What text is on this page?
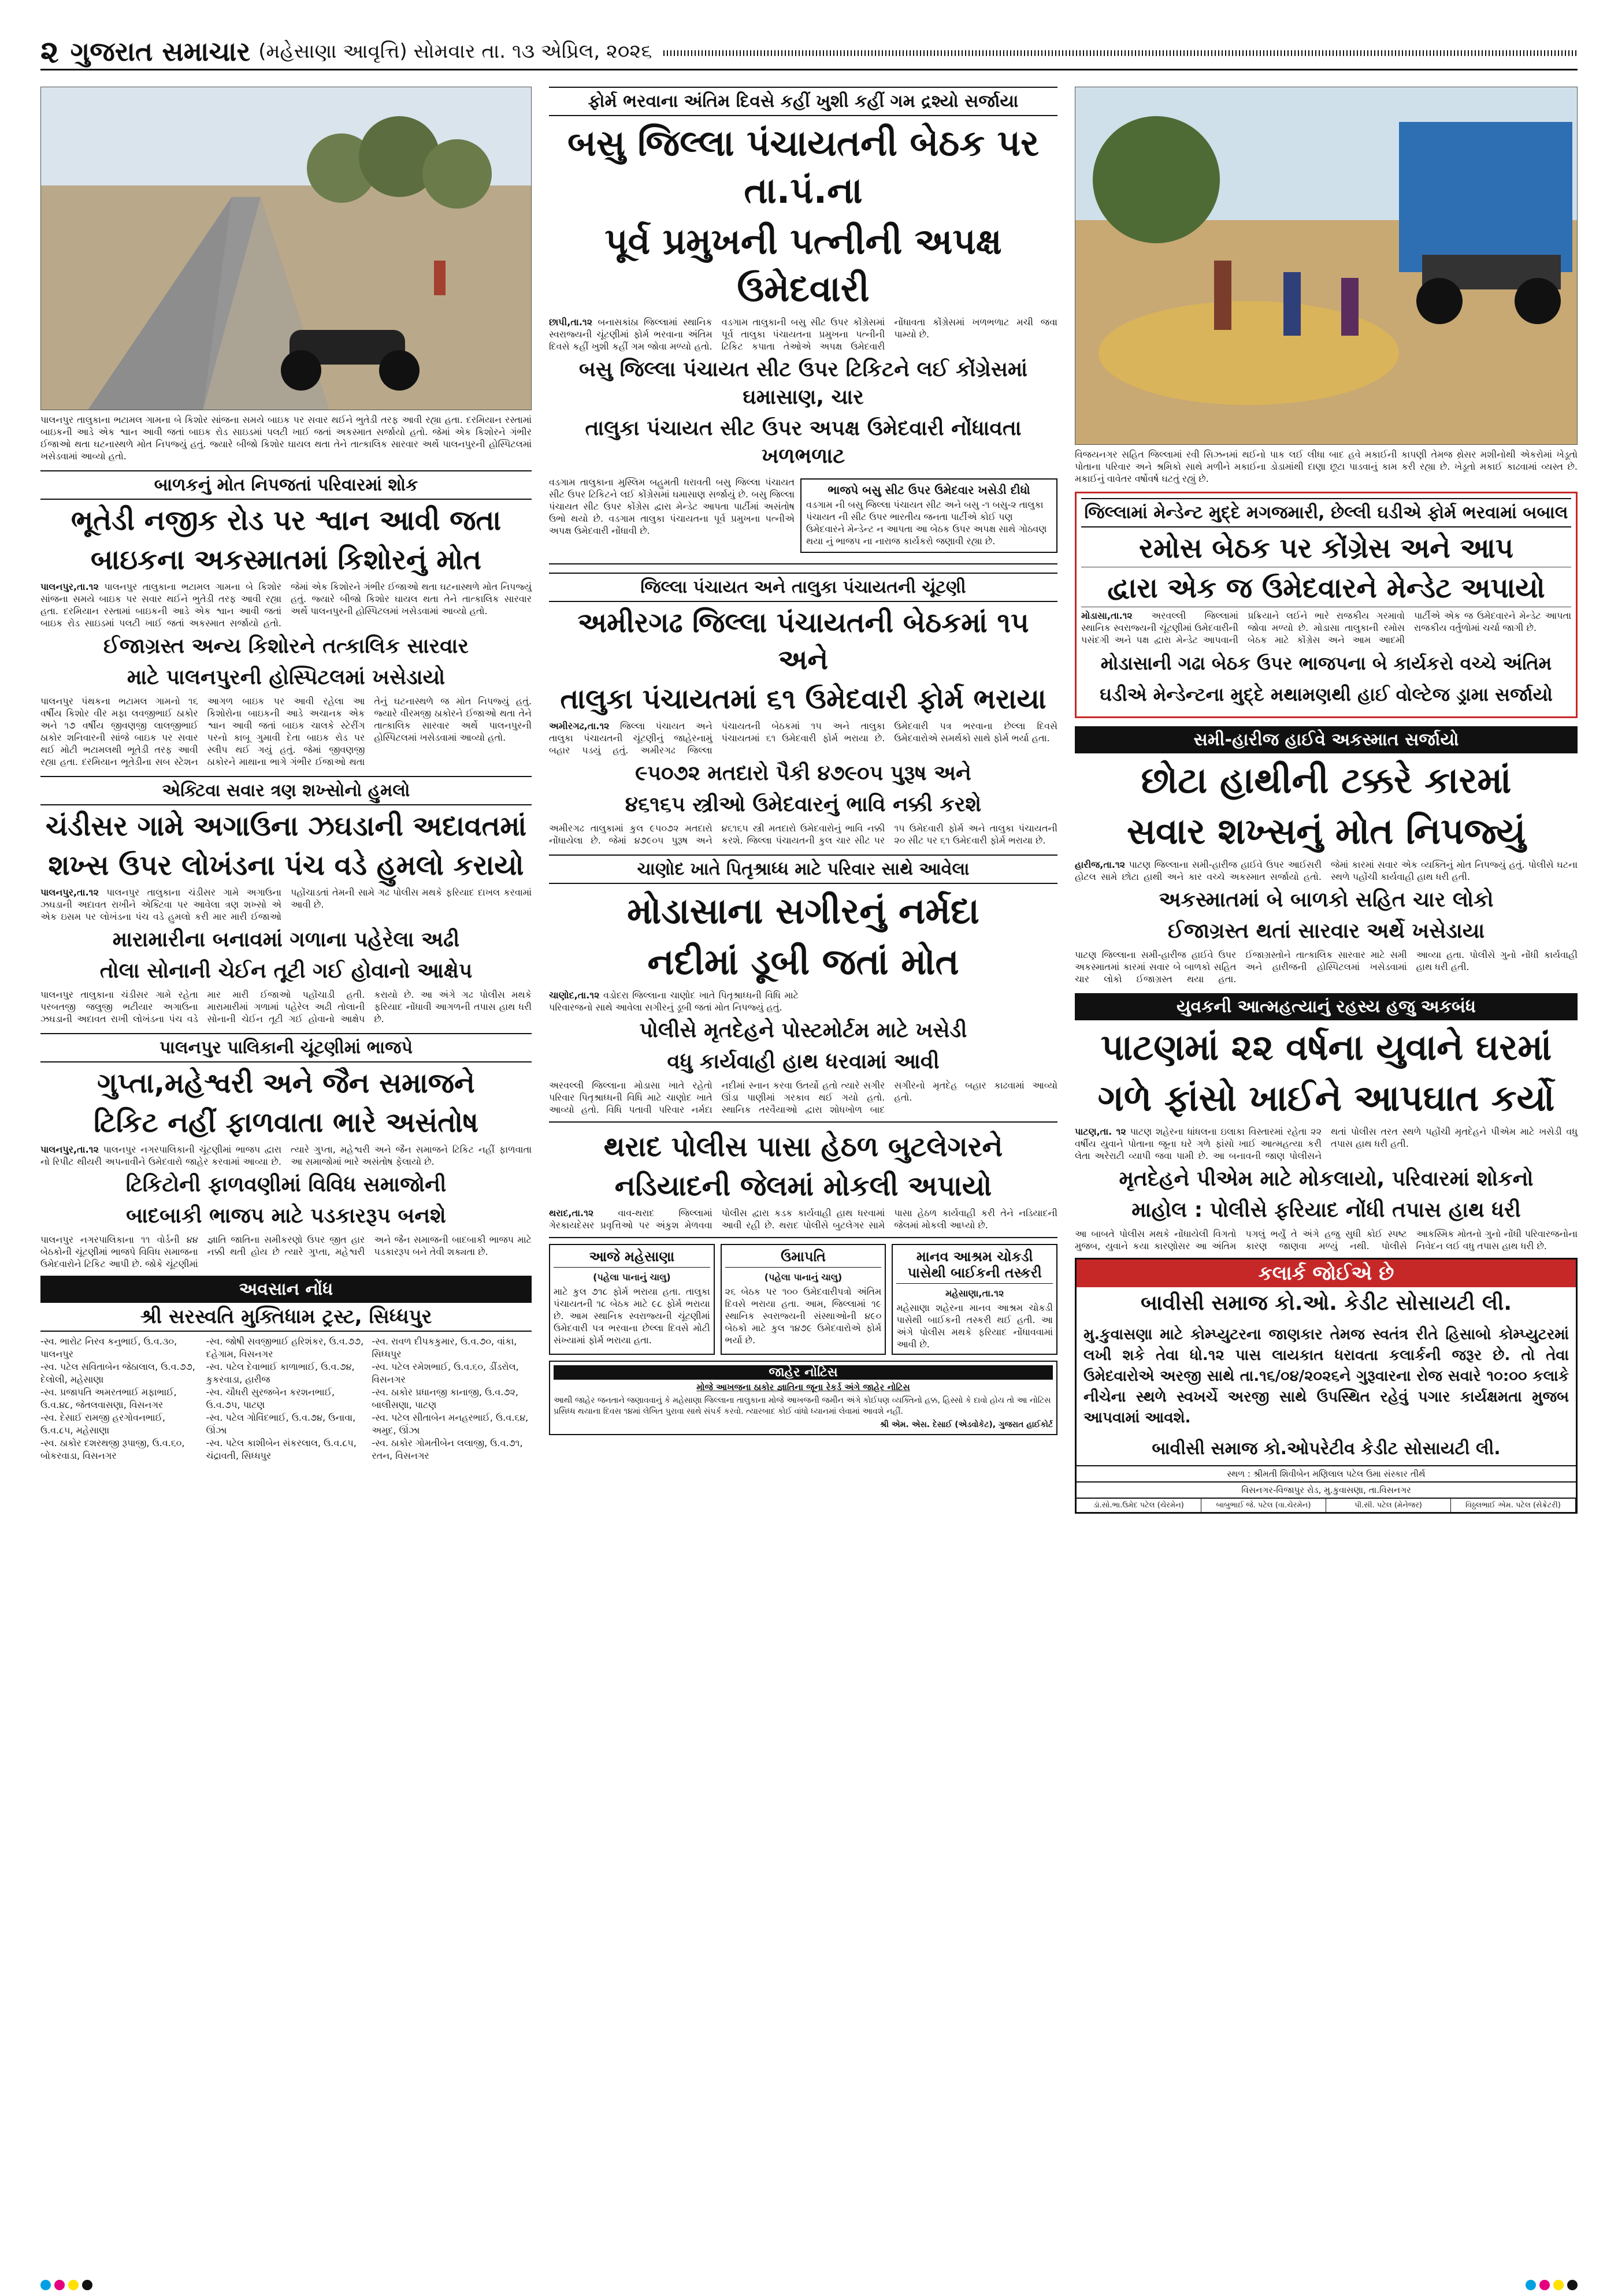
૨ ગુજરાત સમાચાર (મહેસાણા આવૃત્તિ) સોમવાર તા. ૧૩ એપ્રિલ, ૨૦૨૬

પાલનપુર તાલુકાના ભટામલ ગામના બે કિશોર સાંજના સમયે બાઇક પર સવાર થઈને ભુતેડી તરફ આવી રહ્યા હતા. દરમિયાન રસ્તામાં બાઇકની આડે એક શ્વાન આવી જતાં બાઇક રોડ સાઇડમાં પલટી ખાઈ જતાં અકસ્માત સર્જાયો હતો. જેમાં એક કિશોરને ગંભીર ઈજાઓ થતા ઘટનાસ્થળે મોત નિપજ્યું હતું. જ્યારે બીજો કિશોર ઘાયલ થતા તેને તાત્કાલિક સારવાર અર્થે પાલનપુરની હોસ્પિટલમાં ખસેડવામાં આવ્યો હતો.

બાળકનું મોત નિપજતાં પરિવારમાં શોક
ભૂતેડી નજીક રોડ પર શ્વાન આવી જતા
બાઇકના અકસ્માતમાં કિશોરનું મોત
પાલનપુર,તા.૧૨ પાલનપુર તાલુકાના ભટામલ ગામના બે કિશોર સાંજના સમયે બાઇક પર સવાર થઈને ભુતેડી તરફ આવી રહ્યા હતા. દરમિયાન રસ્તામાં બાઇકની આડે એક શ્વાન આવી જતાં બાઇક રોડ સાઇડમાં પલટી ખાઈ જતાં અકસ્માત સર્જાયો હતો. જેમાં એક કિશોરને ગંભીર ઈજાઓ થતા ઘટનાસ્થળે મોત નિપજ્યું હતું. જ્યારે બીજો કિશોર ઘાયલ થતા તેને તાત્કાલિક સારવાર અર્થે પાલનપુરની હોસ્પિટલમાં ખસેડવામાં આવ્યો હતો.
ઈજાગ્રસ્ત અન્ય કિશોરને તત્કાલિક સારવાર
માટે પાલનપુરની હોસ્પિટલમાં ખસેડાયો
પાલનપુર પંથકના ભટામલ ગામનો ૧૬ વર્ષીય કિશોર વીર મફા લવજીભાઈ ઠાકોર અને ૧૭ વર્ષીય જીવણજી લાલજીભાઈ ઠાકોર શનિવારની સાંજે બાઇક પર સવાર થઈ મોટી ભટામલથી ભૂતેડી તરફ આવી રહ્યા હતા. દરમિયાન ભૂતેડીના સબ સ્ટેશન આગળ બાઇક પર આવી રહેલા આ કિશોરોના બાઇકની આડે અચાનક એક શ્વાન આવી જતાં બાઇક ચાલકે સ્ટેરીંગ પરનો કાબૂ ગુમાવી દેતા બાઇક રોડ પર સ્લીપ થઈ ગયું હતું. જેમાં જીવણજી ઠાકોરને માથાના ભાગે ગંભીર ઈજાઓ થતા તેનું ઘટનાસ્થળે જ મોત નિપજ્યું હતું. જ્યારે વીરમજી ઠાકોરને ઈજાઓ થતા તેને તાત્કાલિક સારવાર અર્થે પાલનપુરની હોસ્પિટલમાં ખસેડવામાં આવ્યો હતો.
એક્ટિવા સવાર ત્રણ શખ્સોનો હુમલો
ચંડીસર ગામે અગાઉના ઝઘડાની અદાવતમાં
શખ્સ ઉપર લોખંડના પંચ વડે હુમલો કરાયો
પાલનપુર,તા.૧૨ પાલનપુર તાલુકાના ચંડીસર ગામે અગાઉના ઝઘડાની અદાવત રાખીને એક્ટિવા પર આવેલા ત્રણ શખ્સો એ એક ઇસમ પર લોખંડના પંચ વડે હુમલો કરી માર મારી ઈજાઓ પહોંચાડતાં તેમની સામે ગઢ પોલીસ મથકે ફરિયાદ દાખલ કરવામાં આવી છે.
મારામારીના બનાવમાં ગળાના પહેરેલા અઢી
તોલા સોનાની ચેઈન તૂટી ગઈ હોવાનો આક્ષેપ
પાલનપુર તાલુકાના ચંડીસર ગામે રહેતા પરબતજી જલુજી ભટીયાર અગાઉના ઝઘડાની અદાવત રાખી લોખંડના પંચ વડે માર મારી ઈજાઓ પહોંચાડી હતી. મારામારીમાં ગળામાં પહેરેલ અઢી તોલાની સોનાની ચેઈન તૂટી ગઈ હોવાનો આક્ષેપ કરાયો છે. આ અંગે ગઢ પોલીસ મથકે ફરિયાદ નોંધાવી આગળની તપાસ હાથ ધરી છે.
પાલનપુર પાલિકાની ચૂંટણીમાં ભાજપે
ગુપ્તા,મહેશ્વરી અને જૈન સમાજને
ટિકિટ નહીં ફાળવાતા ભારે અસંતોષ
પાલનપુર,તા.૧૨ પાલનપુર નગરપાલિકાની ચૂંટણીમાં ભાજપ દ્વારા નો રિપીટ થીયરી અપનાવીને ઉમેદવારો જાહેર કરવામાં આવ્યા છે. ત્યારે ગુપ્તા, મહેશ્વરી અને જૈન સમાજને ટિકિટ નહીં ફાળવાતા આ સમાજોમાં ભારે અસંતોષ ફેલાયો છે.
ટિકિટોની ફાળવણીમાં વિવિધ સમાજોની
બાદબાકી ભાજપ માટે પડકારરૂપ બનશે
પાલનપુર નગરપાલિકાના ૧૧ વોર્ડની ૪૪ બેઠકોની ચૂંટણીમાં ભાજપે વિવિધ સમાજના ઉમેદવારોને ટિકિટ આપી છે. જોકે ચૂંટણીમાં જ્ઞાતિ જાતિના સમીકરણો ઉપર જીત હાર નક્કી થતી હોય છે ત્યારે ગુપ્તા, મહેશ્વરી અને જૈન સમાજની બાદબાકી ભાજપ માટે પડકારરૂપ બને તેવી શક્યતા છે.
અવસાન નોંધ
શ્રી સરસ્વતિ મુક્તિધામ ટ્રસ્ટ, સિધ્ધપુર
-સ્વ. ભારોટ નિરવ કનુભાઈ, ઉ.વ.૩૦, પાલનપુર
-સ્વ. પટેલ સવિતાબેન જેઠાલાલ, ઉ.વ.૭૭, દેલોલી, મહેસાણા
-સ્વ. પ્રજાપતિ અમરતભાઈ મફાભાઈ, ઉ.વ.૪૮, જેતલવાસણા, વિસનગર
-સ્વ. દેસાઈ રામજી હરગોવનભાઈ, ઉ.વ.૮૫, મહેસાણા
-સ્વ. ઠાકોર દશરથજી રૂપાજી, ઉ.વ.૬૦, બોકરવાડા, વિસનગર
-સ્વ. જોષી સવજીભાઈ હરિશંકર, ઉ.વ.૭૭, દહેગામ, વિસનગર
-સ્વ. પટેલ દેવાભાઈ કાળાભાઈ, ઉ.વ.૭૪, કુકરવાડા, હારીજ
-સ્વ. ચૌધરી સુરજબેન કરશનભાઈ, ઉ.વ.૭૫, પાટણ
-સ્વ. પટેલ ગોવિંદભાઈ, ઉ.વ.૭૪, ઉનાવા, ઊંઝા
-સ્વ. પટેલ કાશીબેન સંકરલાલ, ઉ.વ.૮૫, ચંદ્રાવતી, સિધ્ધપુર
-સ્વ. રાવળ દીપકકુમાર, ઉ.વ.૭૦, વાંકા, સિધ્ધપુર
-સ્વ. પટેલ રમેશભાઈ, ઉ.વ.૬૦, ડીંડરોલ, વિસનગર
-સ્વ. ઠાકોર પ્રધાનજી કાનાજી, ઉ.વ.૭૨, બાલીસણા, પાટણ
-સ્વ. પટેલ સીતાબેન મનહરભાઈ, ઉ.વ.૬૪, અમુદ, ઊંઝા
-સ્વ. ઠાકોર ગોમતીબેન લલાજી, ઉ.વ.૭૧, રતન, વિસનગર
ફોર્મ ભરવાના અંતિમ દિવસે કહીં ખુશી કહીં ગમ દ્રશ્યો સર્જાયા
બસુ જિલ્લા પંચાયતની બેઠક પર તા.પં.ના
પૂર્વ પ્રમુખની પત્નીની અપક્ષ ઉમેદવારી
છાપી,તા.૧૨ બનાસકાંઠા જિલ્લામાં સ્થાનિક સ્વરાજ્યની ચૂંટણીમાં ફોર્મ ભરવાના અંતિમ દિવસે કહીં ખુશી કહીં ગમ જોવા મળ્યો હતો. વડગામ તાલુકાની બસુ સીટ ઉપર કોંગ્રેસમાં પૂર્વ તાલુકા પંચાયતના પ્રમુખના પત્નીની ટિકિટ કપાતા તેઓએ અપક્ષ ઉમેદવારી નોંધાવતા કોંગ્રેસમાં ખળભળાટ મચી જવા પામ્યો છે.
બસુ જિલ્લા પંચાયત સીટ ઉપર ટિકિટને લઈ કોંગ્રેસમાં ઘમાસાણ, ચાર
તાલુકા પંચાયત સીટ ઉપર અપક્ષ ઉમેદવારી નોંધાવતા ખળભળાટ
વડગામ તાલુકાના મુસ્લિમ બહુમતી ધરાવતી બસુ જિલ્લા પંચાયત સીટ ઉપર ટિકિટને લઈ કોંગ્રેસમાં ઘમાસાણ સર્જાયું છે. બસુ જિલ્લા પંચાયત સીટ ઉપર કોંગ્રેસ દ્વારા મેન્ડેટ આપતા પાર્ટીમાં અસંતોષ ઉભો થયો છે. વડગામ તાલુકા પંચાયતના પૂર્વ પ્રમુખના પત્નીએ અપક્ષ ઉમેદવારી નોંધાવી છે.
ભાજપે બસુ સીટ ઉપર ઉમેદવાર ખસેડી દીધો
વડગામ ની બસુ જિલ્લા પંચાયત સીટ અને બસુ -૧ બસુ-૨ તાલુકા પંચાયત ની સીટ ઉપર ભારતીય જનતા પાર્ટીએ કોઈ પણ ઉમેદવારને મેન્ડેન્ટ ન આપતા આ બેઠક ઉપર અપક્ષ સાથે ગોઠવણ થયા નું ભાજપ ના નારાજ કાર્યકરો જણાવી રહ્યા છે.
જિલ્લા પંચાયત અને તાલુકા પંચાયતની ચૂંટણી
અમીરગઢ જિલ્લા પંચાયતની બેઠકમાં ૧૫ અને
તાલુકા પંચાયતમાં ૬૧ ઉમેદવારી ફોર્મ ભરાયા
અમીરગઢ,તા.૧૨ જિલ્લા પંચાયત અને તાલુકા પંચાયતની ચૂંટણીનું જાહેરનામું બહાર પડયું હતું. અમીરગઢ જિલ્લા પંચાયતની બેઠકમાં ૧૫ અને તાલુકા પંચાયતમાં ૬૧ ઉમેદવારી ફોર્મ ભરાયા છે. ઉમેદવારી પત્ર ભરવાના છેલ્લા દિવસે ઉમેદવારોએ સમર્થકો સાથે ફોર્મ ભર્યા હતા.
૯૫૦૭૨ મતદારો પૈકી ૪૭૯૦૫ પુરૂષ અને
૪૬૧૬૫ સ્ત્રીઓ ઉમેદવારનું ભાવિ નક્કી કરશે
અમીરગઢ તાલુકામાં કુલ ૯૫૦૭૨ મતદારો નોંધાયેલા છે. જેમાં ૪૭૯૦૫ પુરૂષ અને ૪૬૧૬૫ સ્ત્રી મતદારો ઉમેદવારોનું ભાવિ નક્કી કરશે. જિલ્લા પંચાયતની કુલ ચાર સીટ પર ૧૫ ઉમેદવારી ફોર્મ અને તાલુકા પંચાયતની ૨૦ સીટ પર ૬૧ ઉમેદવારી ફોર્મ ભરાયા છે.
ચાણોદ ખાતે પિતૃશ્રાધ્ધ માટે પરિવાર સાથે આવેલા
મોડાસાના સગીરનું નર્મદા
નદીમાં ડૂબી જતાં મોત
ચાણોદ,તા.૧૨ વડોદરા જિલ્લાના ચાણોદ ખાતે પિતૃશ્રાધ્ધની વિધિ માટે પરિવારજનો સાથે આવેલા સગીરનું ડૂબી જતાં મોત નિપજ્યું હતું.
પોલીસે મૃતદેહને પોસ્ટમોર્ટમ માટે ખસેડી
વધુ કાર્યવાહી હાથ ધરવામાં આવી
અરવલ્લી જિલ્લાના મોડાસા ખાતે રહેતો પરિવાર પિતૃશ્રાધ્ધની વિધિ માટે ચાણોદ ખાતે આવ્યો હતો. વિધિ પતાવી પરિવાર નર્મદા નદીમાં સ્નાન કરવા ઉતર્યો હતો ત્યારે સગીર ઊંડા પાણીમાં ગરકાવ થઈ ગયો હતો. સ્થાનિક તરવૈયાઓ દ્વારા શોધખોળ બાદ સગીરનો મૃતદેહ બહાર કાઢવામાં આવ્યો હતો.
થરાદ પોલીસ પાસા હેઠળ બુટલેગરને
નડિયાદની જેલમાં મોકલી અપાયો
થરાદ,તા.૧૨	વાવ-થરાદ જિલ્લામાં ગેરકાયદેસર પ્રવૃત્તિઓ પર અંકુશ મેળવવા પોલીસ દ્વારા કડક કાર્યવાહી હાથ ધરવામાં આવી રહી છે. થરાદ પોલીસે બુટલેગર સામે પાસા હેઠળ કાર્યવાહી કરી તેને નડિયાદની જેલમાં મોકલી આપ્યો છે.
આજે મહેસાણા
(પહેલા પાનાનું ચાલુ)
માટે કુલ ૭૧૮ ફોર્મ ભરાયા હતા. તાલુકા પંચાયતની ૧૮ બેઠક માટે ૯૮ ફોર્મ ભરાયા છે. આમ સ્થાનિક સ્વરાજ્યની ચૂંટણીમાં ઉમેદવારી પત્ર ભરવાના છેલ્લા દિવસે મોટી સંખ્યામાં ફોર્મ ભરાયા હતા.
ઉમાપતિ
(પહેલા પાનાનું ચાલુ)
૨૬ બેઠક પર ૧૦૦ ઉમેદવારીપત્રો અંતિમ દિવસે ભરાયા હતા. આમ, જિલ્લામાં ૧૯ સ્થાનિક સ્વરાજ્યની સંસ્થાઓની ૪૯૦ બેઠકો માટે કુલ ૧૪૭૯ ઉમેદવારોએ ફોર્મ ભર્યા છે.
માનવ આશ્રમ ચોકડી પાસેથી બાઈકની તસ્કરી
મહેસાણા,તા.૧૨
મહેસાણા શહેરના માનવ આશ્રમ ચોકડી પાસેથી બાઈકની તસ્કરી થઈ હતી. આ અંગે પોલીસ મથકે ફરિયાદ નોંધાવવામાં આવી છે.
જાહેર નોટિસ
મોજે આખજના ઠાકોર જ્ઞાતિના જૂના રેકર્ડ અંગે જાહેર નોટિસ
આથી જાહેર જનતાને જણાવવાનું કે મહેસાણા જિલ્લાના તાલુકાના મોજે આખજની જમીન અંગે કોઈપણ વ્યક્તિનો હક્ક, હિસ્સો કે દાવો હોય તો આ નોટિસ પ્રસિધ્ધ થયાના દિવસ ૧૪માં લેખિત પુરાવા સાથે સંપર્ક કરવો. ત્યારબાદ કોઈ વાંધો ધ્યાનમાં લેવામાં આવશે નહીં.
શ્રી એમ. એસ. દેસાઈ (એડવોકેટ), ગુજરાત હાઈકોર્ટ

વિજયનગર સહિત જિલ્લામાં રવી સિઝનમાં થઈનો પાક લઈ લીધા બાદ હવે મકાઈની કાપણી તેમજ થ્રેસર મશીનોથી એકરોમાં ખેડૂતો પોતાના પરિવાર અને શ્રમિકો સાથે મળીને મકાઈના ડોડામાંથી દાણા છૂટા પાડવાનું કામ કરી રહ્યા છે. ખેડૂતો મકાઈ કાઢવામાં વ્યસ્ત છે. મકાઈનું વાવેતર વર્ષોવર્ષ ઘટતું રહ્યું છે.

જિલ્લામાં મેન્ડેન્ટ મુદ્દે મગજમારી, છેલ્લી ઘડીએ ફોર્મ ભરવામાં બબાલ
રમોસ બેઠક પર કોંગ્રેસ અને આપ
દ્વારા એક જ ઉમેદવારને મેન્ડેટ અપાયો
મોડાસા,તા.૧૨ અરવલ્લી જિલ્લામાં સ્થાનિક સ્વરાજ્યની ચૂંટણીમાં ઉમેદવારીની પસંદગી અને પક્ષ દ્વારા મેન્ડેટ આપવાની પ્રક્રિયાને લઈને ભારે રાજકીય ગરમાવો જોવા મળ્યો છે. મોડાસા તાલુકાની રમોસ બેઠક માટે કોંગ્રેસ અને આમ આદમી પાર્ટીએ એક જ ઉમેદવારને મેન્ડેટ આપતા રાજકીય વર્તુળોમાં ચર્ચા જાગી છે.
મોડાસાની ગઢા બેઠક ઉપર ભાજપના બે કાર્યકરો વચ્ચે અંતિમ
ઘડીએ મેન્ડેન્ટના મુદ્દે મથામણથી હાઈ વોલ્ટેજ ડ્રામા સર્જાયો
સમી-હારીજ હાઈવે અકસ્માત સર્જાયો
છોટા હાથીની ટક્કરે કારમાં
સવાર શખ્સનું મોત નિપજ્યું
હારીજ,તા.૧૨ પાટણ જિલ્લાના સમી-હારીજ હાઈવે ઉપર આઈસરી હોટલ સામે છોટા હાથી અને કાર વચ્ચે અકસ્માત સર્જાયો હતો. જેમાં કારમાં સવાર એક વ્યક્તિનું મોત નિપજ્યું હતું. પોલીસે ઘટના સ્થળે પહોંચી કાર્યવાહી હાથ ધરી હતી.
અકસ્માતમાં બે બાળકો સહિત ચાર લોકો
ઈજાગ્રસ્ત થતાં સારવાર અર્થે ખસેડાયા
પાટણ જિલ્લાના સમી-હારીજ હાઈવે ઉપર અકસ્માતમાં કારમાં સવાર બે બાળકો સહિત ચાર લોકો ઈજાગ્રસ્ત થયા હતા. ઈજાગ્રસ્તોને તાત્કાલિક સારવાર માટે સમી અને હારીજની હોસ્પિટલમાં ખસેડવામાં આવ્યા હતા. પોલીસે ગુનો નોંધી કાર્યવાહી હાથ ધરી હતી.
યુવકની આત્મહત્યાનું રહસ્ય હજુ અકબંધ
પાટણમાં ૨૨ વર્ષના યુવાને ઘરમાં
ગળે ફાંસો ખાઈને આપઘાત કર્યો
પાટણ,તા. ૧૨ પાટણ શહેરના ધાંધલના ઇલાકા વિસ્તારમાં રહેતા ૨૨ વર્ષીય યુવાને પોતાના જૂના ઘરે ગળે ફાંસો ખાઈ આત્મહત્યા કરી લેતા અરેરાટી વ્યાપી જવા પામી છે. આ બનાવની જાણ પોલીસને થતાં પોલીસ તરત સ્થળે પહોંચી મૃતદેહને પીએમ માટે ખસેડી વધુ તપાસ હાથ ધરી હતી.
મૃતદેહને પીએમ માટે મોકલાયો, પરિવારમાં શોકનો
માહોલ : પોલીસે ફરિયાદ નોંધી તપાસ હાથ ધરી
આ બાબતે પોલીસ મથકે નોંધાયેલી વિગતો મુજબ, યુવાને કયા કારણોસર આ અંતિમ પગલું ભર્યું તે અંગે હજુ સુધી કોઈ સ્પષ્ટ કારણ જાણવા મળ્યું નથી. પોલીસે આકસ્મિક મોતનો ગુનો નોંધી પરિવારજનોના નિવેદન લઈ વધુ તપાસ હાથ ધરી છે.
કલાર્ક જોઈએ છે
બાવીસી સમાજ કો.ઓ. કેડીટ સોસાયટી લી.
મુ.કુવાસણા માટે કોમ્પ્યુટરના જાણકાર તેમજ સ્વતંત્ર રીતે હિસાબો કોમ્પ્યુટરમાં લખી શકે તેવા ધો.૧૨ પાસ લાયકાત ધરાવતા કલાર્કની જરૂર છે. તો તેવા ઉમેદવારોએ અરજી સાથે તા.૧૬/૦૪/૨૦૨૬ને ગુરૂવારના રોજ સવારે ૧૦:૦૦ કલાકે નીચેના સ્થળે સ્વખર્ચે અરજી સાથે ઉપસ્થિત રહેવું પગાર કાર્યક્ષમતા મુજબ આપવામાં આવશે.
બાવીસી સમાજ કો.ઓપરેટીવ કેડીટ સોસાયટી લી.
સ્થળ : શ્રીમતી શિવીબેન મણિલાલ પટેલ ઉમા સંસ્કાર તીર્થ
વિસનગર-વિજાપુર રોડ, મુ.કુવાસણા, તા.વિસનગર
ડૉ.સો.ભા.ઉમેદ પટેલ (ચેરમેન)	બાબુભાઈ જે. પટેલ (વા.ચેરમેન)	પી.સી. પટેલ (મેનેજર)	વિઠ્ઠલભાઈ એમ. પટેલ (સેક્રેટરી)
